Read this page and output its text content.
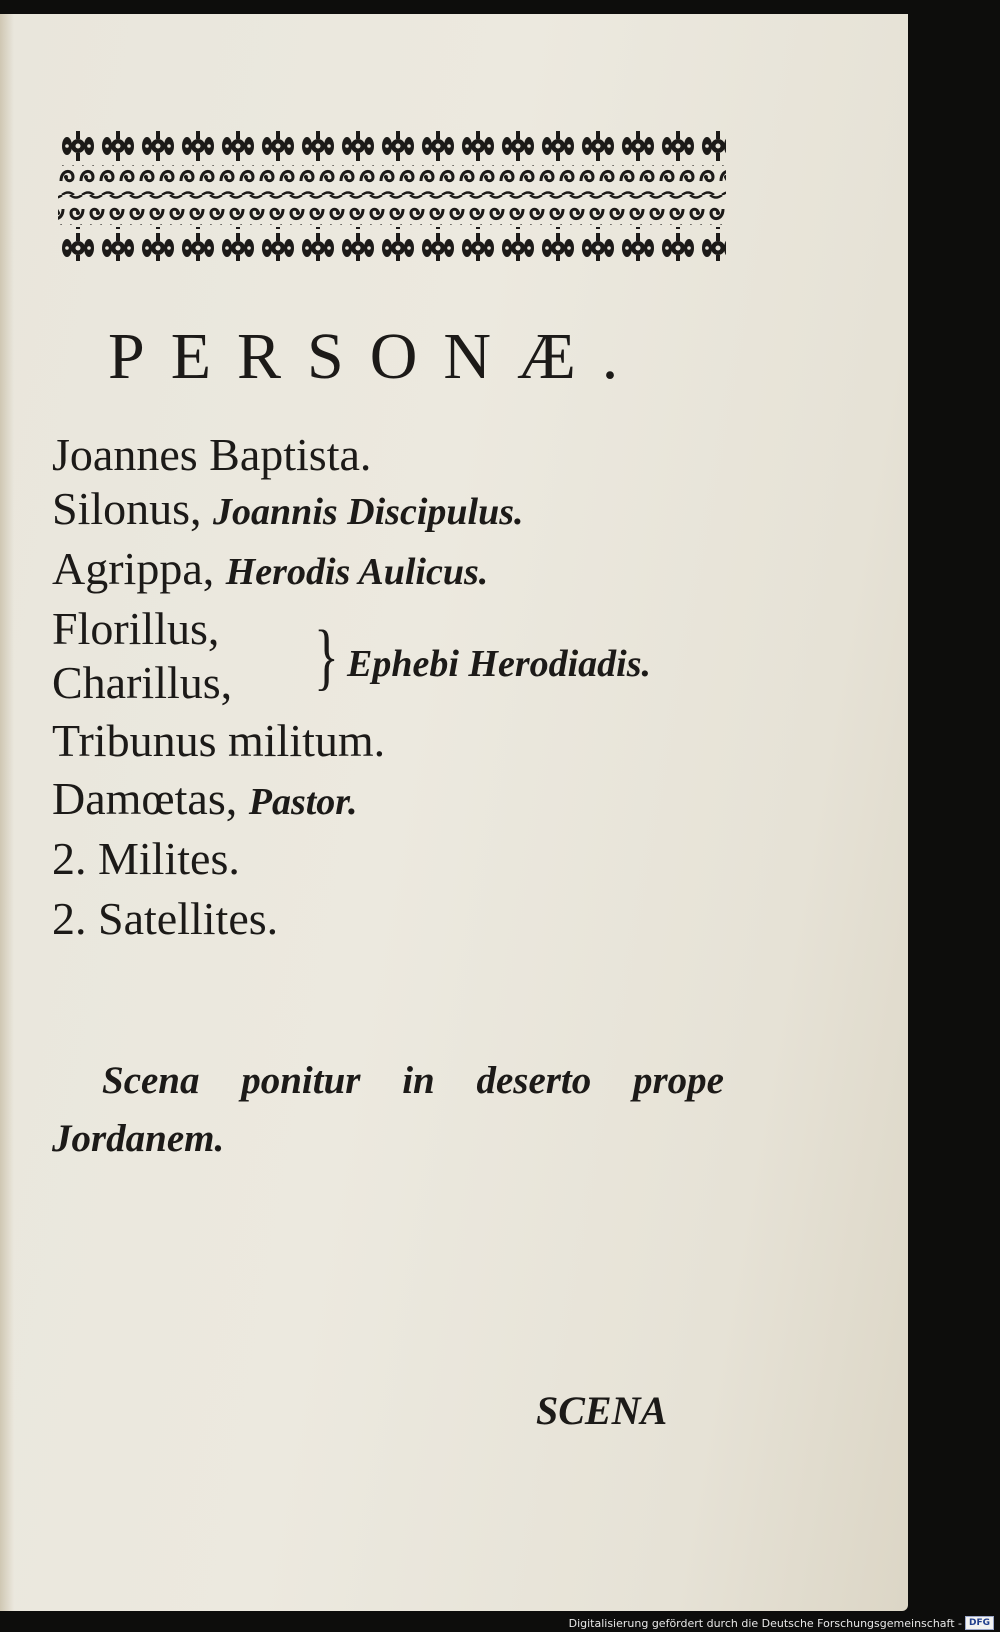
PERSONÆ.
Joannes Baptista.
Silonus, Joannis Discipulus.
Agrippa, Herodis Aulicus.
Florillus,
Charillus, } Ephebi Herodiadis.
Tribunus militum.
Damœtas, Pastor.
2. Milites.
2. Satellites.

Scena ponitur in deserto prope Jordanem.

SCENA
Digitalisierung gefördert durch die Deutsche Forschungsgemeinschaft - DFG
